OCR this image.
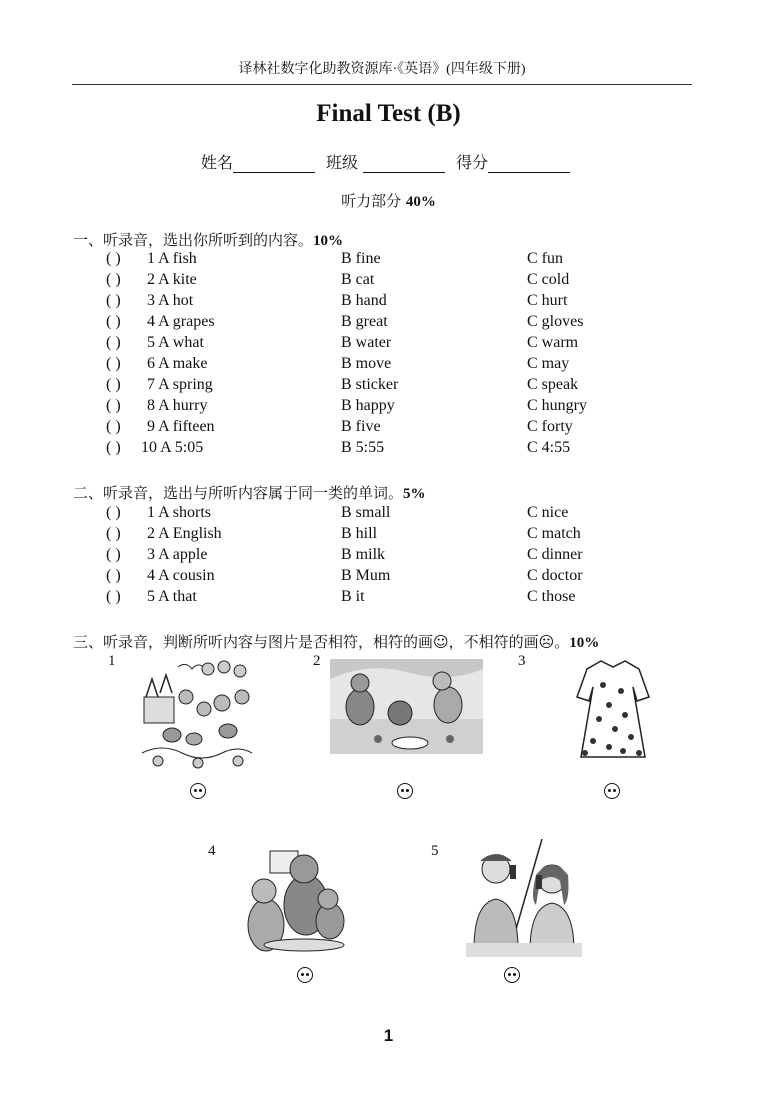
译林社数字化助教资源库·《英语》(四年级下册)
Final Test (B)
姓名	班级	得分
听力部分 40%
一、听录音，选出你所听到的内容。10%
( ) 1 A fish	B fine	C fun
( ) 2 A kite	B cat	C cold
( ) 3 A hot	B hand	C hurt
( ) 4 A grapes	B great	C gloves
( ) 5 A what	B water	C warm
( ) 6 A make	B move	C may
( ) 7 A spring	B sticker	C speak
( ) 8 A hurry	B happy	C hungry
( ) 9 A fifteen	B five	C forty
( ) 10 A 5:05	B 5:55	C 4:55
二、听录音，选出与所听内容属于同一类的单词。5%
( ) 1 A shorts	B small	C nice
( ) 2 A English	B hill	C match
( ) 3 A apple	B milk	C dinner
( ) 4 A cousin	B Mum	C doctor
( ) 5 A that	B it	C those
三、听录音，判断所听内容与图片是否相符，相符的画☺，不相符的画☹。10%
1	2	3
4	5
1
